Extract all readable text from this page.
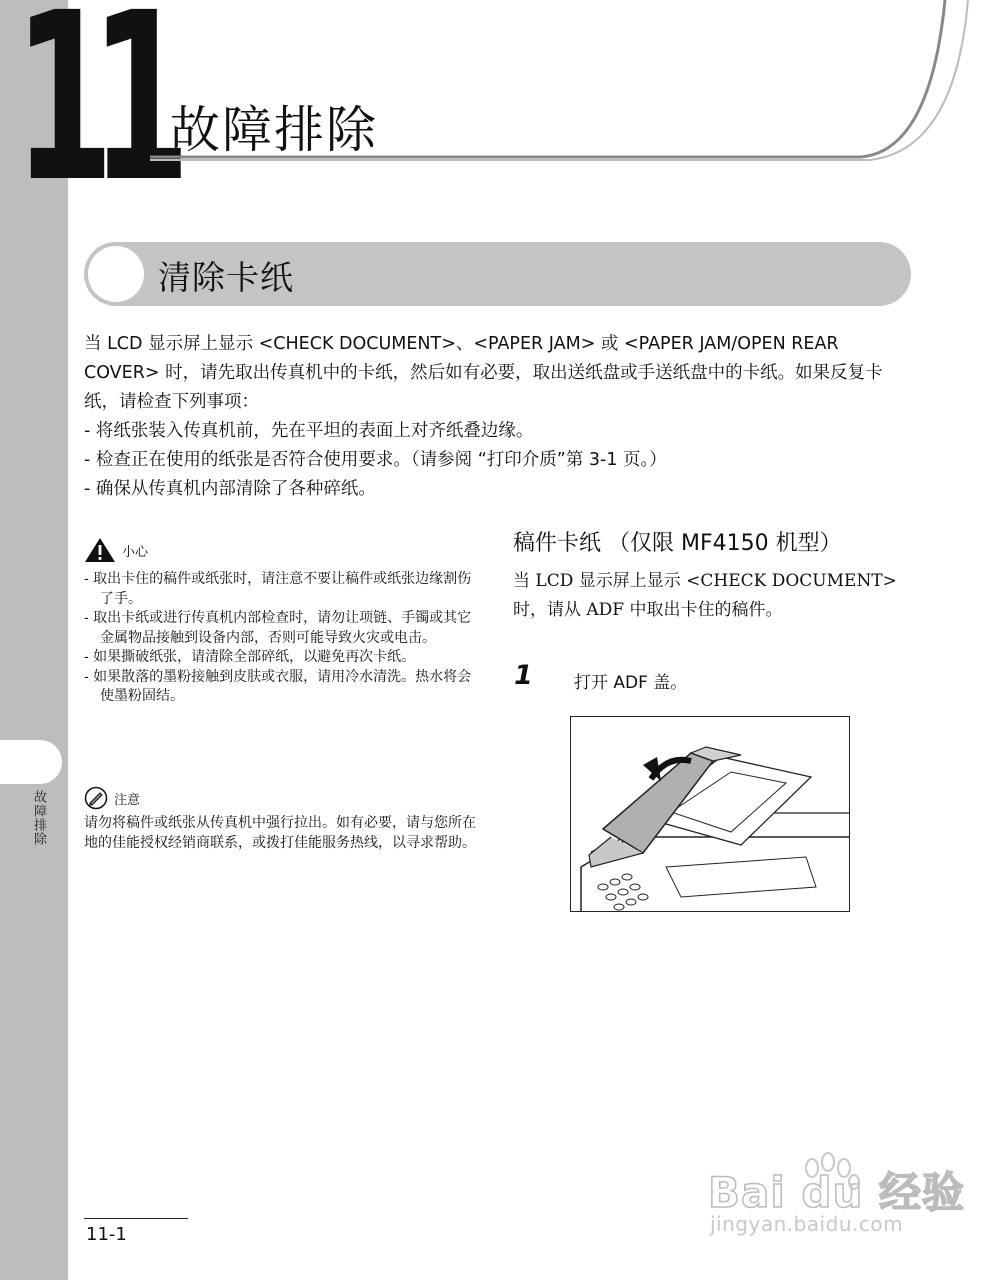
故障排除
11 故障排除
清除卡纸

当 LCD 显示屏上显示 <CHECK DOCUMENT>、<PAPER JAM> 或 <PAPER JAM/OPEN REAR COVER> 时，请先取出传真机中的卡纸，然后如有必要，取出送纸盘或手送纸盘中的卡纸。如果反复卡纸，请检查下列事项：

- 将纸张装入传真机前，先在平坦的表面上对齐纸叠边缘。

- 检查正在使用的纸张是否符合使用要求。（请参阅 “打印介质”第 3-1 页。）

- 确保从传真机内部清除了各种碎纸。

小心
- 取出卡住的稿件或纸张时，请注意不要让稿件或纸张边缘割伤了手。
- 取出卡纸或进行传真机内部检查时，请勿让项链、手镯或其它金属物品接触到设备内部，否则可能导致火灾或电击。
- 如果撕破纸张，请清除全部碎纸，以避免再次卡纸。
- 如果散落的墨粉接触到皮肤或衣服，请用冷水清洗。热水将会使墨粉固结。
注意
请勿将稿件或纸张从传真机中强行拉出。如有必要，请与您所在地的佳能授权经销商联系，或拨打佳能服务热线，以寻求帮助。
稿件卡纸 （仅限 MF4150 机型）
当 LCD 显示屏上显示 <CHECK DOCUMENT> 时，请从 ADF 中取出卡住的稿件。
1 打开 ADF 盖。
11-1
Bai du 经验
jingyan.baidu.com
